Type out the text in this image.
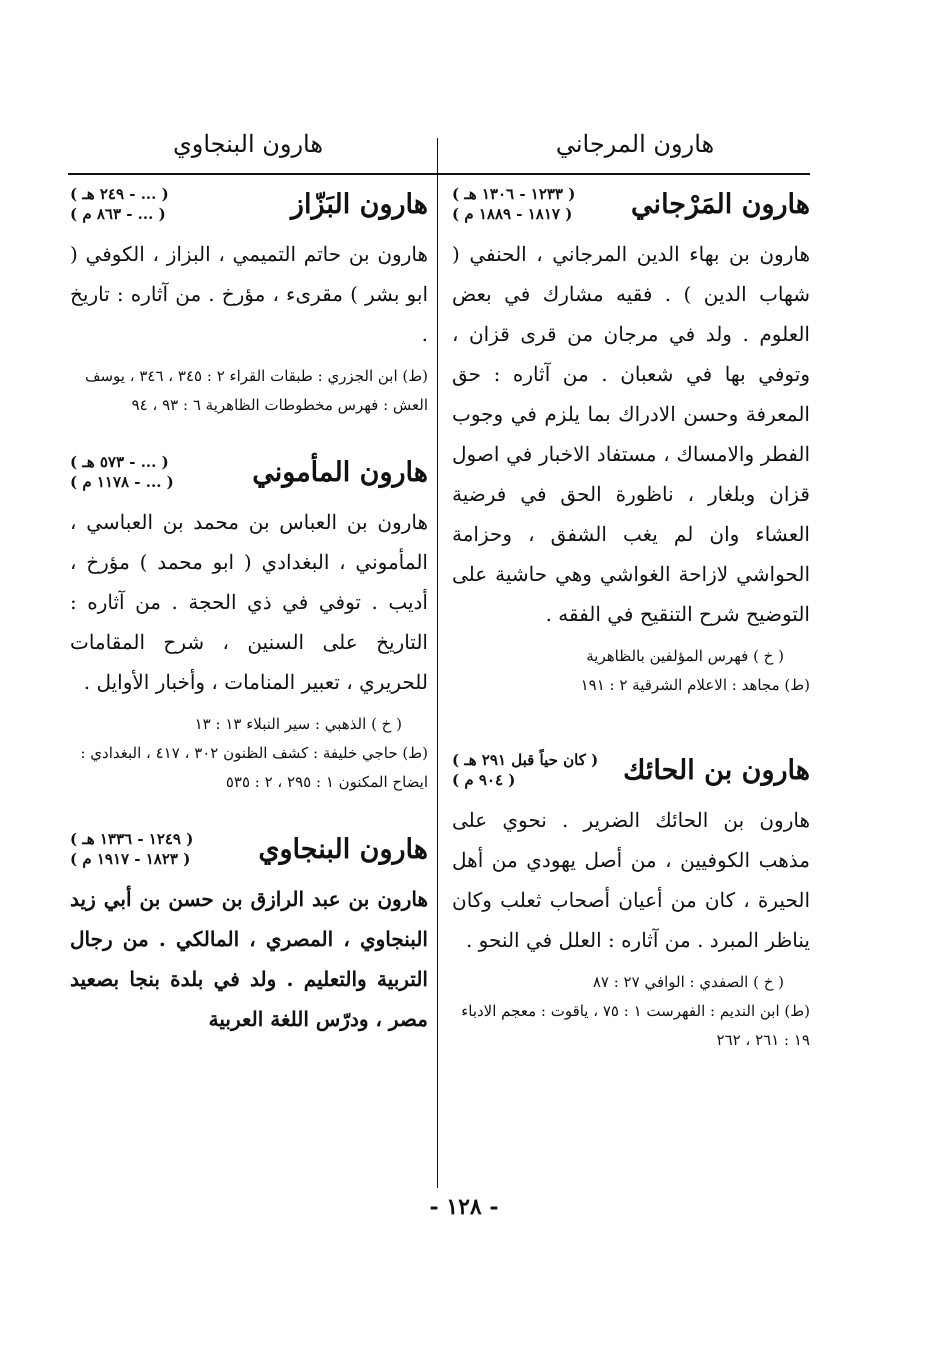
هارون المرجاني
هارون البنجاوي
هارون المَرْجاني
( ١٢٣٣ - ١٣٠٦ هـ )
( ١٨١٧ - ١٨٨٩ م )

هارون بن بهاء الدين المرجاني ، الحنفي ( شهاب الدين ) . فقيه مشارك في بعض العلوم . ولد في مرجان من قرى قزان ، وتوفي بها في شعبان . من آثاره : حق المعرفة وحسن الادراك بما يلزم في وجوب الفطر والامساك ، مستفاد الاخبار في اصول قزان وبلغار ، ناظورة الحق في فرضية العشاء وان لم يغب الشفق ، وحزامة الحواشي لازاحة الغواشي وهي حاشية على التوضيح شرح التنقيح في الفقه .

( خ ) فهرس المؤلفين بالظاهرية

(ط) مجاهد : الاعلام الشرقية ٢ : ١٩١

هارون بن الحائك
( كان حياً قبل ٢٩١ هـ )
( ٩٠٤ م )

هارون بن الحائك الضرير . نحوي على مذهب الكوفيين ، من أصل يهودي من أهل الحيرة ، كان من أعيان أصحاب ثعلب وكان يناظر المبرد . من آثاره : العلل في النحو .

( خ ) الصفدي : الوافي ٢٧ : ٨٧

(ط) ابن النديم : الفهرست ١ : ٧٥ ، ياقوت : معجم الادباء ١٩ : ٢٦١ ، ٢٦٢

هارون البَزّاز
( ... - ٢٤٩ هـ )
( ... - ٨٦٣ م )

هارون بن حاتم التميمي ، البزاز ، الكوفي ( ابو بشر ) مقرىء ، مؤرخ . من آثاره : تاريخ .

(ط) ابن الجزري : طبقات القراء ٢ : ٣٤٥ ، ٣٤٦ ، يوسف العش : فهرس مخطوطات الظاهرية ٦ : ٩٣ ، ٩٤

هارون المأموني
( ... - ٥٧٣ هـ )
( ... - ١١٧٨ م )

هارون بن العباس بن محمد بن العباسي ، المأموني ، البغدادي ( ابو محمد ) مؤرخ ، أديب . توفي في ذي الحجة . من آثاره : التاريخ على السنين ، شرح المقامات للحريري ، تعبير المنامات ، وأخبار الأوايل .

( خ ) الذهبي : سير النبلاء ١٣ : ١٣

(ط) حاجي خليفة : كشف الظنون ٣٠٢ ، ٤١٧ ، البغدادي : ايضاح المكنون ١ : ٢٩٥ ، ٢ : ٥٣٥

هارون البنجاوي
( ١٢٤٩ - ١٣٣٦ هـ )
( ١٨٢٣ - ١٩١٧ م )

هارون بن عبد الرازق بن حسن بن أبي زيد البنجاوي ، المصري ، المالكي . من رجال التربية والتعليم . ولد في بلدة بنجا بصعيد مصر ، ودرّس اللغة العربية

- ١٢٨ -
